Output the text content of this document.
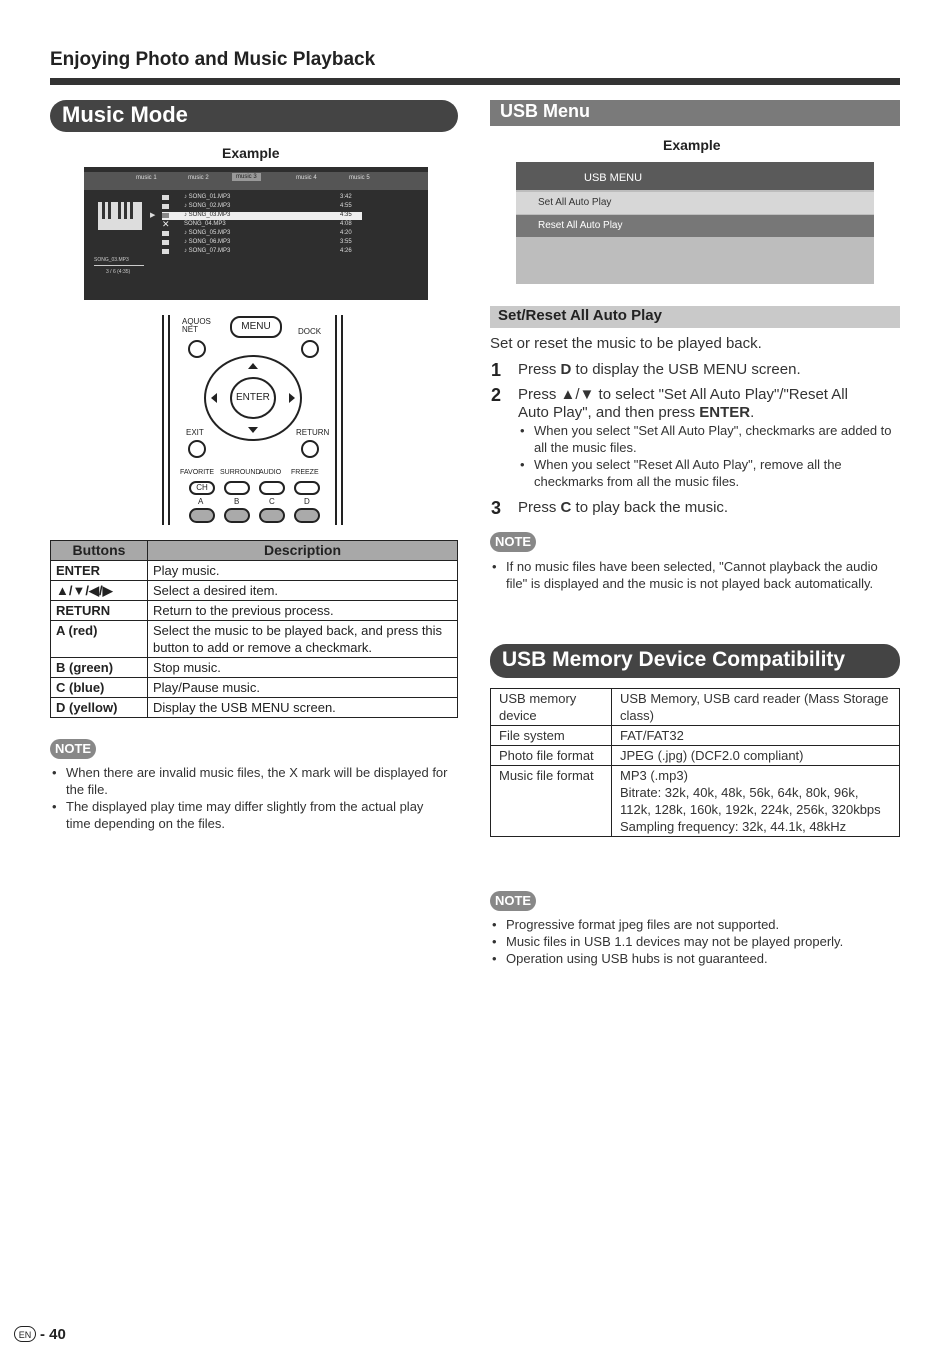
Enjoying Photo and Music Playback
Music Mode
Example
music 1	music 2	music 3	music 4	music 5
SONG_03.MP3
3 / 6 (4:35)
♪ SONG_01.MP3	3:42
♪ SONG_02.MP3	4:55
▶	♪ SONG_03.MP3	4:35
✕ SONG_04.MP3	4:08
♪ SONG_05.MP3	4:20
♪ SONG_06.MP3	3:55
♪ SONG_07.MP3	4:26
AQUOS
NET	MENU	DOCK
ENTER
EXIT	RETURN
FAVORITE SURROUND
AUDIO FREEZE
CH
A	B	C	D
Buttons	Description
ENTER	Play music.
▲/▼/◀/▶	Select a desired item.
RETURN	Return to the previous process.
A (red)	Select the music to be played back, and press this button to add or remove a checkmark.
B (green)	Stop music.
C (blue)	Play/Pause music.
D (yellow)	Display the USB MENU screen.
NOTE
• When there are invalid music files, the X mark will be displayed for the file.
• The displayed play time may differ slightly from the actual play time depending on the files.
USB Menu
Example
USB MENU
Set All Auto Play
Reset All Auto Play
Set/Reset All Auto Play
Set or reset the music to be played back.
1 Press D to display the USB MENU screen.
2 Press ▲/▼ to select "Set All Auto Play"/"Reset All
Auto Play", and then press ENTER.
• When you select "Set All Auto Play", checkmarks are added to all the music files.
• When you select "Reset All Auto Play", remove all the checkmarks from all the music files.
3 Press C to play back the music.
NOTE
• If no music files have been selected, "Cannot playback the audio file" is displayed and the music is not played back automatically.
USB Memory Device Compatibility
USB memory device	USB Memory, USB card reader (Mass Storage class)
File system	FAT/FAT32
Photo file format	JPEG (.jpg) (DCF2.0 compliant)
Music file format	MP3 (.mp3)
Bitrate: 32k, 40k, 48k, 56k, 64k, 80k, 96k, 112k, 128k, 160k, 192k, 224k, 256k, 320kbps
Sampling frequency: 32k, 44.1k, 48kHz
NOTE
• Progressive format jpeg files are not supported.
• Music files in USB 1.1 devices may not be played properly.
• Operation using USB hubs is not guaranteed.
EN - 40
